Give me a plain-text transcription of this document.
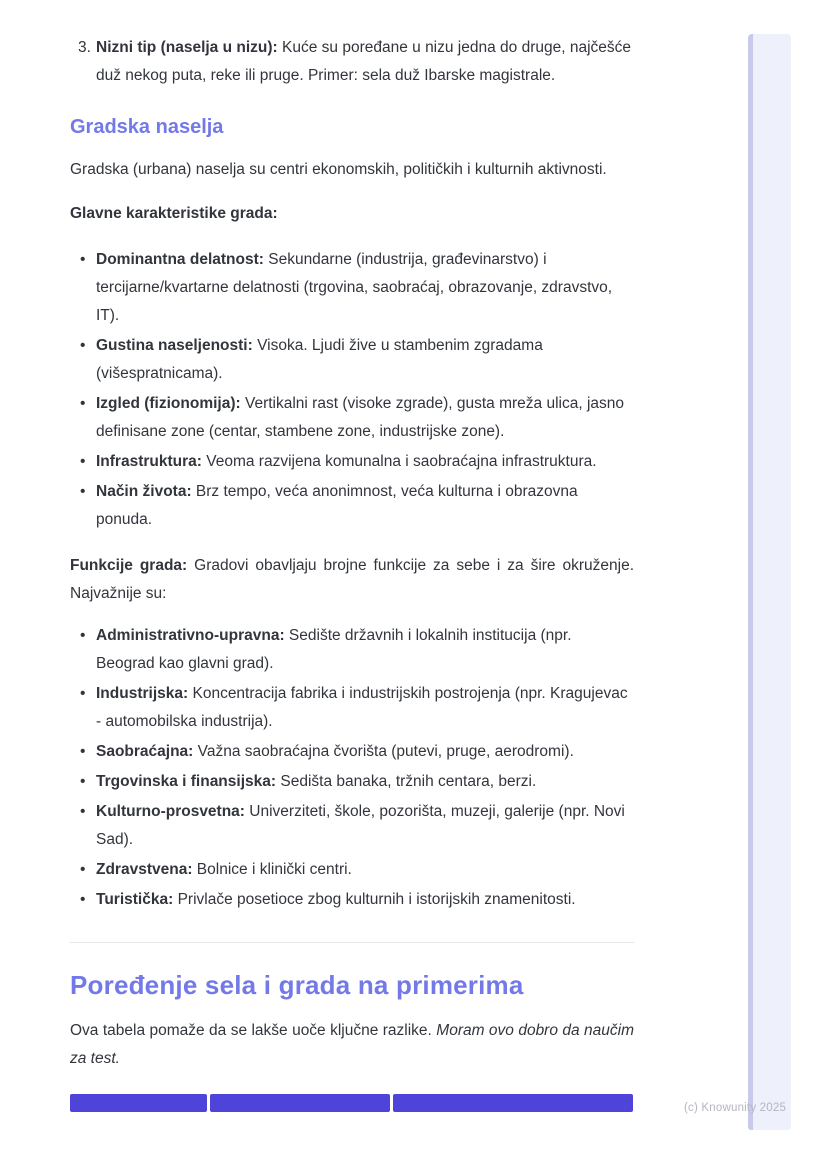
3. Nizni tip (naselja u nizu): Kuće su poređane u nizu jedna do druge, najčešće duž nekog puta, reke ili pruge. Primer: sela duž Ibarske magistrale.
Gradska naselja

Gradska (urbana) naselja su centri ekonomskih, političkih i kulturnih aktivnosti.

Glavne karakteristike grada:

• Dominantna delatnost: Sekundarne (industrija, građevinarstvo) i tercijarne/kvartarne delatnosti (trgovina, saobraćaj, obrazovanje, zdravstvo, IT).
• Gustina naseljenosti: Visoka. Ljudi žive u stambenim zgradama (višespratnicama).
• Izgled (fizionomija): Vertikalni rast (visoke zgrade), gusta mreža ulica, jasno definisane zone (centar, stambene zone, industrijske zone).
• Infrastruktura: Veoma razvijena komunalna i saobraćajna infrastruktura.
• Način života: Brz tempo, veća anonimnost, veća kulturna i obrazovna ponuda.

Funkcije grada: Gradovi obavljaju brojne funkcije za sebe i za šire okruženje. Najvažnije su:

• Administrativno-upravna: Sedište državnih i lokalnih institucija (npr. Beograd kao glavni grad).
• Industrijska: Koncentracija fabrika i industrijskih postrojenja (npr. Kragujevac - automobilska industrija).
• Saobraćajna: Važna saobraćajna čvorišta (putevi, pruge, aerodromi).
• Trgovinska i finansijska: Sedišta banaka, tržnih centara, berzi.
• Kulturno-prosvetna: Univerziteti, škole, pozorišta, muzeji, galerije (npr. Novi Sad).
• Zdravstvena: Bolnice i klinički centri.
• Turistička: Privlače posetioce zbog kulturnih i istorijskih znamenitosti.
Poređenje sela i grada na primerima

Ova tabela pomaže da se lakše uoče ključne razlike. Moram ovo dobro da naučim za test.

(c) Knowunity 2025
